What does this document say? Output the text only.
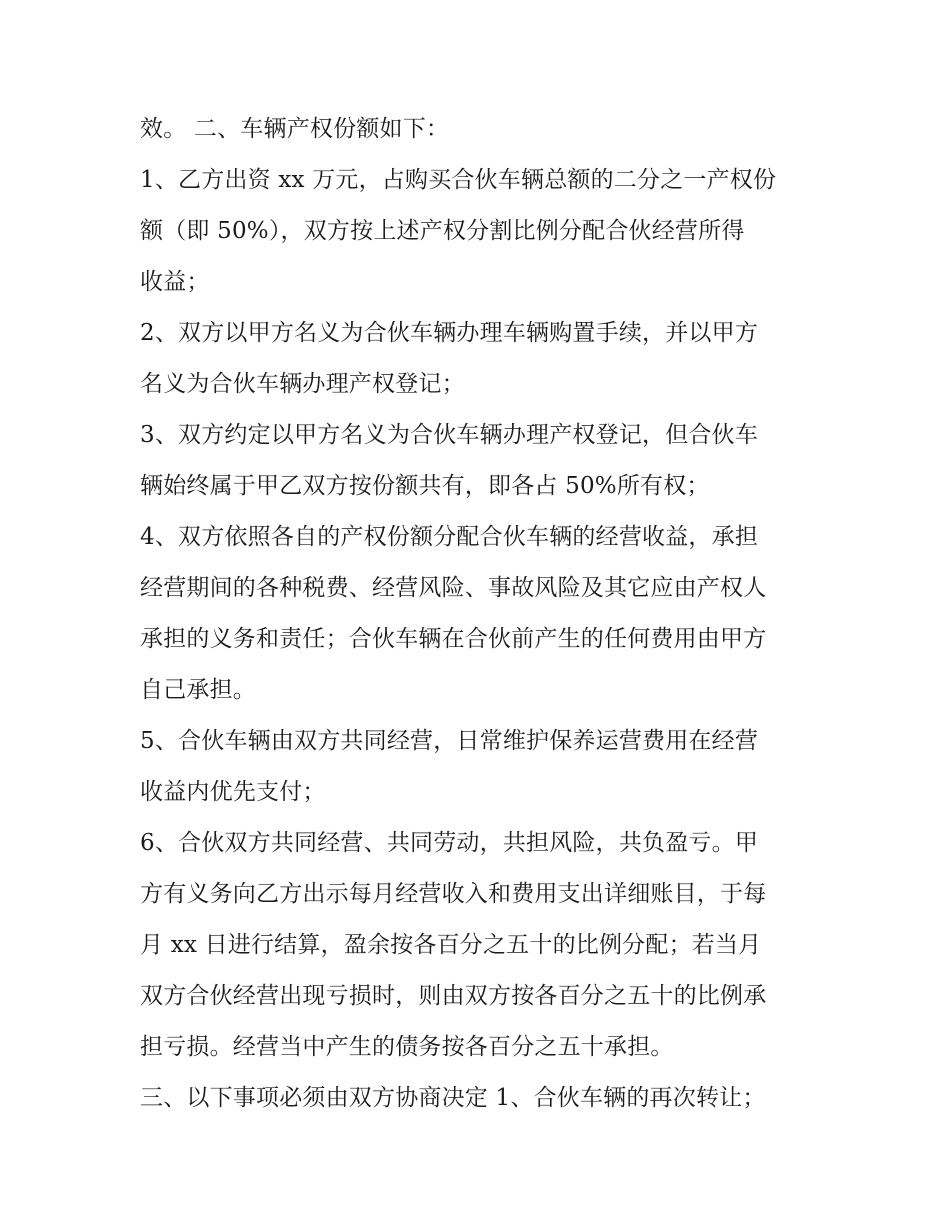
效。 二、车辆产权份额如下：
1、乙方出资 xx 万元，占购买合伙车辆总额的二分之一产权份
额（即 50%），双方按上述产权分割比例分配合伙经营所得
收益；
2、双方以甲方名义为合伙车辆办理车辆购置手续，并以甲方
名义为合伙车辆办理产权登记；
3、双方约定以甲方名义为合伙车辆办理产权登记，但合伙车
辆始终属于甲乙双方按份额共有，即各占 50%所有权；
4、双方依照各自的产权份额分配合伙车辆的经营收益，承担
经营期间的各种税费、经营风险、事故风险及其它应由产权人
承担的义务和责任；合伙车辆在合伙前产生的任何费用由甲方
自己承担。
5、合伙车辆由双方共同经营，日常维护保养运营费用在经营
收益内优先支付；
6、合伙双方共同经营、共同劳动，共担风险，共负盈亏。甲
方有义务向乙方出示每月经营收入和费用支出详细账目，于每
月 xx 日进行结算，盈余按各百分之五十的比例分配；若当月
双方合伙经营出现亏损时，则由双方按各百分之五十的比例承
担亏损。经营当中产生的债务按各百分之五十承担。
三、以下事项必须由双方协商决定 1、合伙车辆的再次转让；
